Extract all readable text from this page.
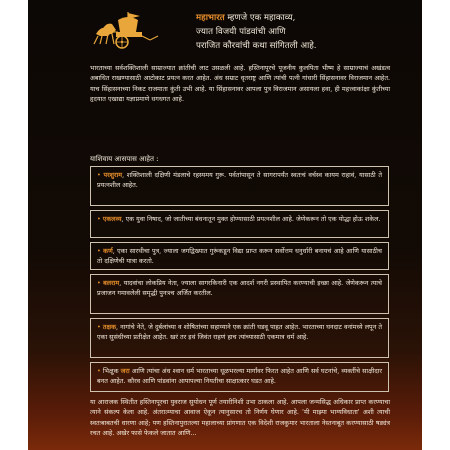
महाभारत म्हणजे एक महाकाव्य,
ज्यात विजयी पांडवांची आणि
पराजित कौरवांची कथा सांगितली आहे.
भारताच्या सर्वशक्तिशाली साम्राज्यात क्रांतीची लाट उसळली आहे. हस्तिनापूरचे पूजनीय कुलपिता भीष्म हे साम्राज्याचं अखंडत्व अबाधित राखण्यासाठी आटोकाट प्रयत्न करत आहेत. अंध सम्राट धृतराष्ट्र आणि त्यांची पत्नी गांधारी सिंहासनावर विराजमान आहेत. याच सिंहासनाच्या निकट राजमाता कुंती उभी आहे. या सिंहासनावर आपला पुत्र विराजमान असायला हवा, ही महत्त्वाकांक्षा कुंतीच्या हृदयात एखाद्या यज्ञाप्रमाणे धगधगत आहे.
याशिवाय आसपास आहेत :
• परशुराम, शक्तिशाली दक्षिणी मंडलाचे रहस्यमय गुरू. पर्वतांपासून ते सागरापर्यंत स्वतःचं वर्चस्व कायम राहावं, यासाठी ते प्रयत्नशील आहेत.
• एकलव्य, एक युवा निषाद, जो जातीच्या बंधनातून मुक्त होण्यासाठी प्रयत्नशील आहे. जेणेकरून तो एक योद्धा होऊ शकेल.
• कर्ण, एका सारथीचा पुत्र, ज्याला जगद्विख्यात गुरूंकडून विद्या प्राप्त करून सर्वोत्तम धनुर्धारी बनायचं आहे आणि यासाठीच तो दक्षिणेची यात्रा करतो.
• बलराम, यादवांचा लोकप्रिय नेता, ज्याला सागरकिनारी एक आदर्श नगरी प्रस्थापित करण्याची इच्छा आहे. जेणेकरून त्याचे प्रजाजन गमावलेली समृद्धी पुनःश्च अर्जित करतील.
• तक्षक, नागांचे नेते, जे दुर्बलांच्या व शोषितांच्या सहाय्याने एक क्रांती घडवू पाहत आहेत. भारताच्या घनदाट वनांमध्ये लपून ते एका सुसंधीच्या प्रतीक्षेत आहेत. खरं तर इथं जिवंत राहणं हाच त्यांच्यासाठी एकमात्र धर्म आहे.
• भिक्षुक जरा आणि त्यांचा अंध श्वान धर्म भारताच्या धूळभरल्या मार्गांवर फिरत आहेत आणि सर्व घटनांचे, व्यक्तींचे साक्षीदार बनत आहेत. कौरव आणि पांडवांना आपापल्या नियतीचा साक्षात्कार घडत आहे.
या आराजक स्थितीत हस्तिनापूरचा युवराज सुयोधन पूर्ण तयारीनिशी उभा ठाकला आहे. आपला जन्मसिद्ध अधिकार प्राप्त करण्याचा त्याने संकल्प केला आहे. अंतरात्म्याचा आवाज ऐकून त्यानुसारच तो निर्णय घेणार आहे. 'मी माझ्या भाग्यविधाता' अशी त्याची स्वतःबाबतची धारणा आहे; पण हस्तिनापुरातल्या महालाच्या प्रांगणात एक विदेशी राजकुमार भारताला नेस्तनाबूत करण्यासाठी षड्यंत्र रचत आहे. अखेर फासे फेकले जातात आणि...
